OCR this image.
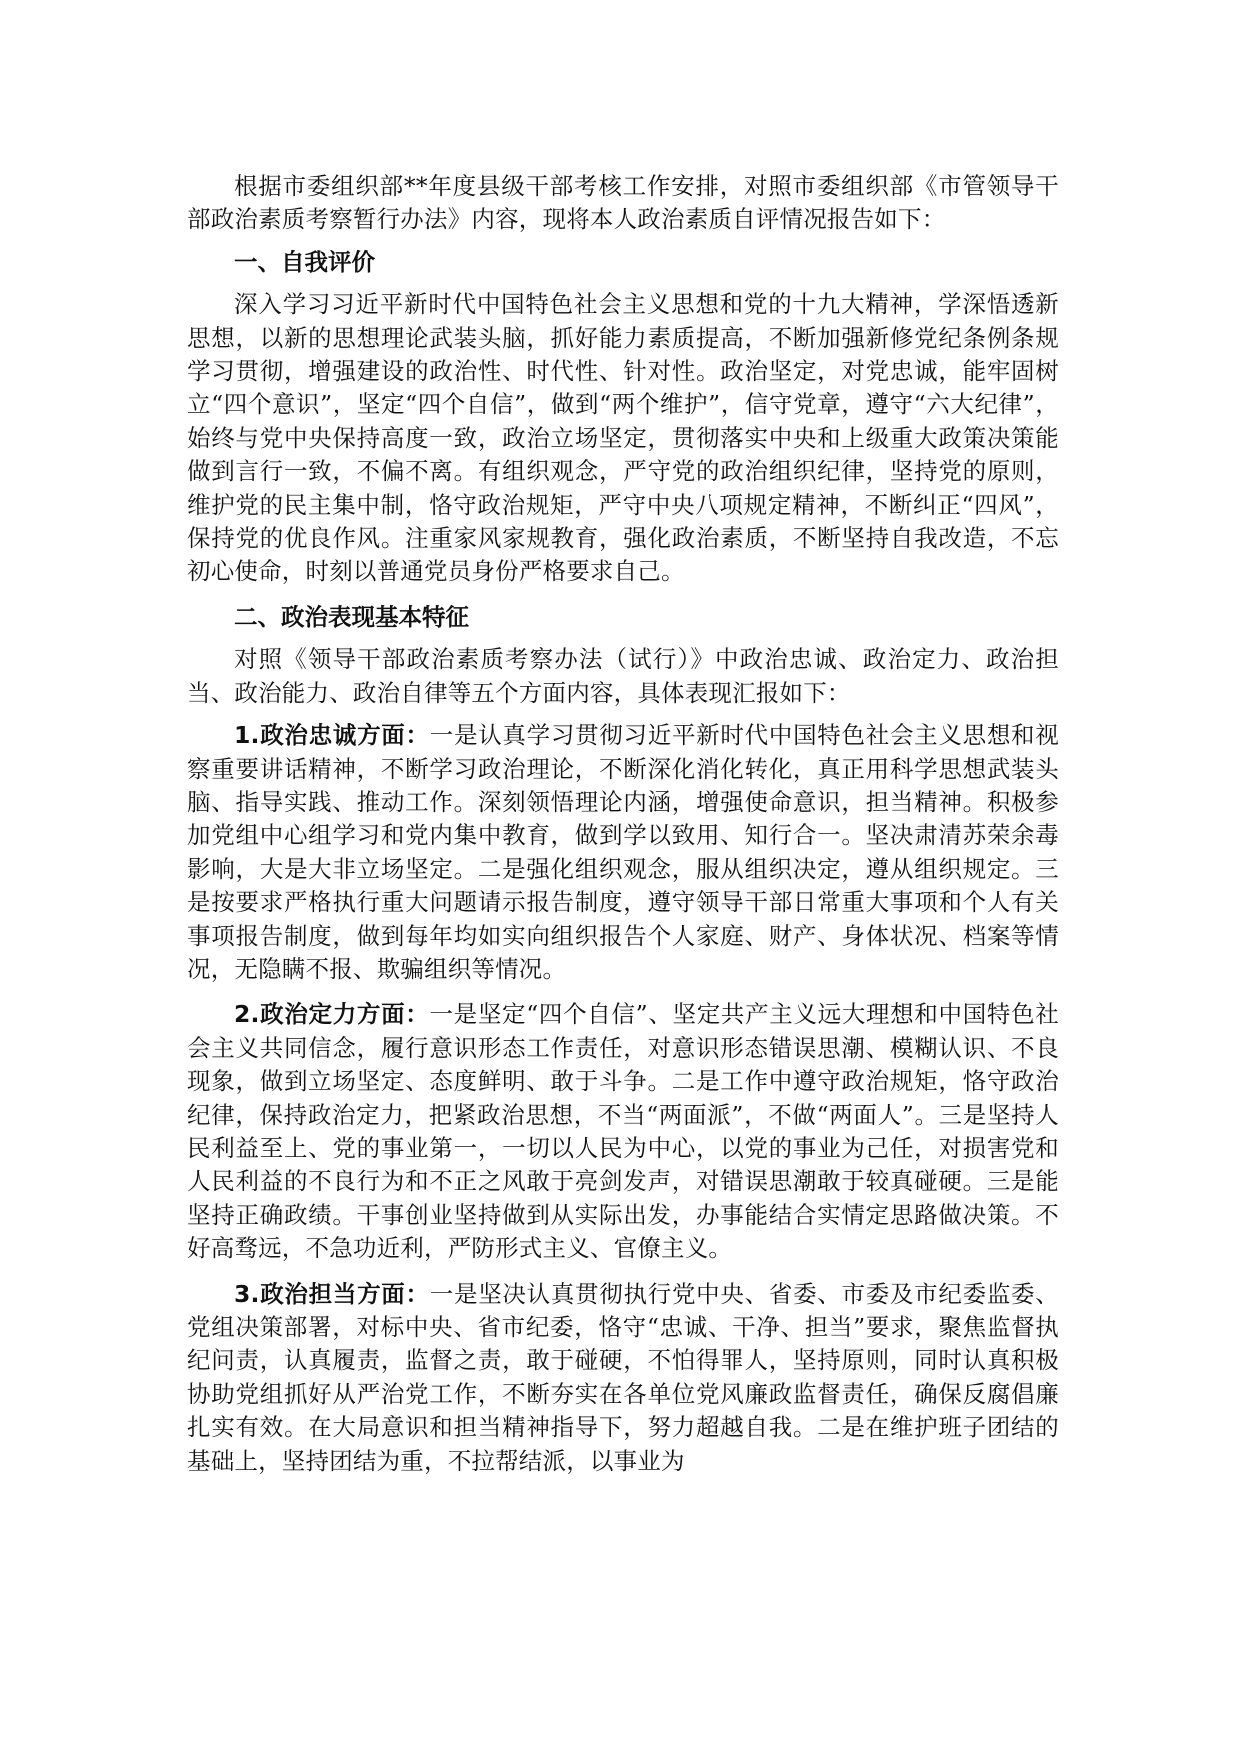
根据市委组织部**年度县级干部考核工作安排，对照市委组织部《市管领导干部政治素质考察暂行办法》内容，现将本人政治素质自评情况报告如下：

一、自我评价

深入学习习近平新时代中国特色社会主义思想和党的十九大精神，学深悟透新思想，以新的思想理论武装头脑，抓好能力素质提高，不断加强新修党纪条例条规学习贯彻，增强建设的政治性、时代性、针对性。政治坚定，对党忠诚，能牢固树立“四个意识”，坚定“四个自信”，做到“两个维护”，信守党章，遵守“六大纪律”，始终与党中央保持高度一致，政治立场坚定，贯彻落实中央和上级重大政策决策能做到言行一致，不偏不离。有组织观念，严守党的政治组织纪律，坚持党的原则，维护党的民主集中制，恪守政治规矩，严守中央八项规定精神，不断纠正“四风”，保持党的优良作风。注重家风家规教育，强化政治素质，不断坚持自我改造，不忘初心使命，时刻以普通党员身份严格要求自己。

二、政治表现基本特征

对照《领导干部政治素质考察办法（试行）》中政治忠诚、政治定力、政治担当、政治能力、政治自律等五个方面内容，具体表现汇报如下：

1.政治忠诚方面：一是认真学习贯彻习近平新时代中国特色社会主义思想和视察重要讲话精神，不断学习政治理论，不断深化消化转化，真正用科学思想武装头脑、指导实践、推动工作。深刻领悟理论内涵，增强使命意识，担当精神。积极参加党组中心组学习和党内集中教育，做到学以致用、知行合一。坚决肃清苏荣余毒影响，大是大非立场坚定。二是强化组织观念，服从组织决定，遵从组织规定。三是按要求严格执行重大问题请示报告制度，遵守领导干部日常重大事项和个人有关事项报告制度，做到每年均如实向组织报告个人家庭、财产、身体状况、档案等情况，无隐瞒不报、欺骗组织等情况。

2.政治定力方面：一是坚定“四个自信”、坚定共产主义远大理想和中国特色社会主义共同信念，履行意识形态工作责任，对意识形态错误思潮、模糊认识、不良现象，做到立场坚定、态度鲜明、敢于斗争。二是工作中遵守政治规矩，恪守政治纪律，保持政治定力，把紧政治思想，不当“两面派”，不做“两面人”。三是坚持人民利益至上、党的事业第一，一切以人民为中心，以党的事业为己任，对损害党和人民利益的不良行为和不正之风敢于亮剑发声，对错误思潮敢于较真碰硬。三是能坚持正确政绩。干事创业坚持做到从实际出发，办事能结合实情定思路做决策。不好高骛远，不急功近利，严防形式主义、官僚主义。

3.政治担当方面：一是坚决认真贯彻执行党中央、省委、市委及市纪委监委、党组决策部署，对标中央、省市纪委，恪守“忠诚、干净、担当”要求，聚焦监督执纪问责，认真履责，监督之责，敢于碰硬，不怕得罪人，坚持原则，同时认真积极协助党组抓好从严治党工作，不断夯实在各单位党风廉政监督责任，确保反腐倡廉扎实有效。在大局意识和担当精神指导下，努力超越自我。二是在维护班子团结的基础上，坚持团结为重，不拉帮结派，以事业为
